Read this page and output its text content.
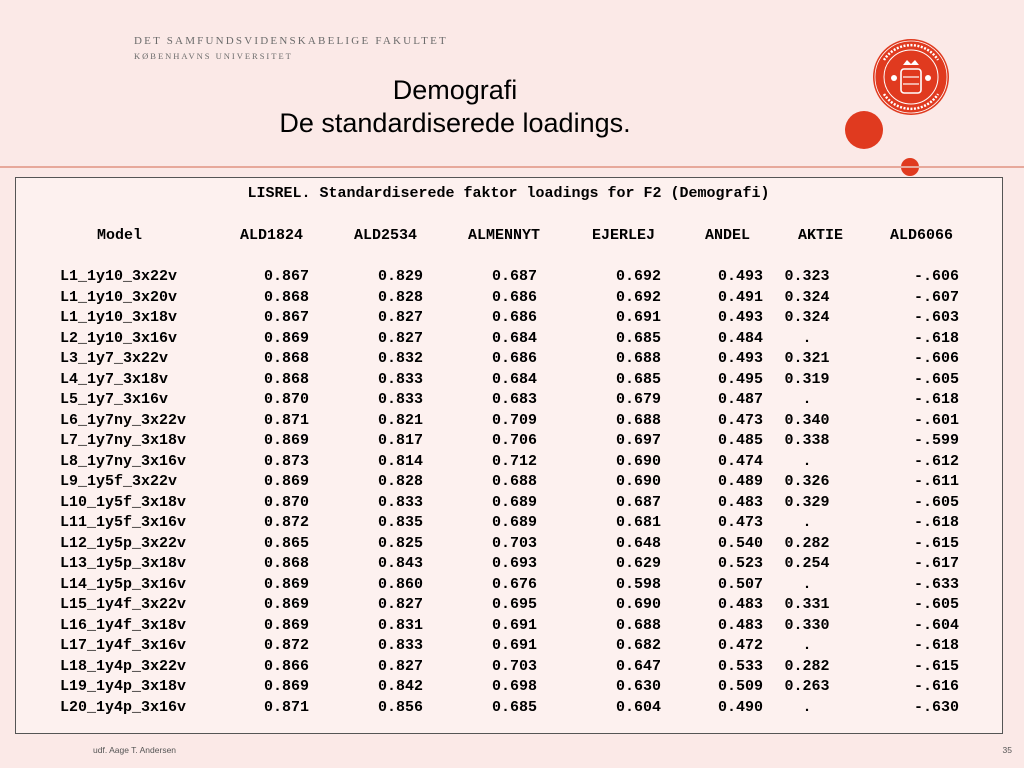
DET SAMFUNDSVIDENSKABELIGE FAKULTET
KØBENHAVNS UNIVERSITET
Demografi
De standardiserede loadings.
LISREL. Standardiserede faktor loadings for F2 (Demografi)
Model	ALD1824	ALD2534	ALMENNYT	EJERLEJ	ANDEL	AKTIE	ALD6066
L1_1y10_3x22v	0.867	0.829	0.687	0.692	0.493	0.323	-.606
L1_1y10_3x20v	0.868	0.828	0.686	0.692	0.491	0.324	-.607
L1_1y10_3x18v	0.867	0.827	0.686	0.691	0.493	0.324	-.603
L2_1y10_3x16v	0.869	0.827	0.684	0.685	0.484	.	-.618
L3_1y7_3x22v	0.868	0.832	0.686	0.688	0.493	0.321	-.606
L4_1y7_3x18v	0.868	0.833	0.684	0.685	0.495	0.319	-.605
L5_1y7_3x16v	0.870	0.833	0.683	0.679	0.487	.	-.618
L6_1y7ny_3x22v	0.871	0.821	0.709	0.688	0.473	0.340	-.601
L7_1y7ny_3x18v	0.869	0.817	0.706	0.697	0.485	0.338	-.599
L8_1y7ny_3x16v	0.873	0.814	0.712	0.690	0.474	.	-.612
L9_1y5f_3x22v	0.869	0.828	0.688	0.690	0.489	0.326	-.611
L10_1y5f_3x18v	0.870	0.833	0.689	0.687	0.483	0.329	-.605
L11_1y5f_3x16v	0.872	0.835	0.689	0.681	0.473	.	-.618
L12_1y5p_3x22v	0.865	0.825	0.703	0.648	0.540	0.282	-.615
L13_1y5p_3x18v	0.868	0.843	0.693	0.629	0.523	0.254	-.617
L14_1y5p_3x16v	0.869	0.860	0.676	0.598	0.507	.	-.633
L15_1y4f_3x22v	0.869	0.827	0.695	0.690	0.483	0.331	-.605
L16_1y4f_3x18v	0.869	0.831	0.691	0.688	0.483	0.330	-.604
L17_1y4f_3x16v	0.872	0.833	0.691	0.682	0.472	.	-.618
L18_1y4p_3x22v	0.866	0.827	0.703	0.647	0.533	0.282	-.615
L19_1y4p_3x18v	0.869	0.842	0.698	0.630	0.509	0.263	-.616
L20_1y4p_3x16v	0.871	0.856	0.685	0.604	0.490	.	-.630
udf. Aage T. Andersen	35
